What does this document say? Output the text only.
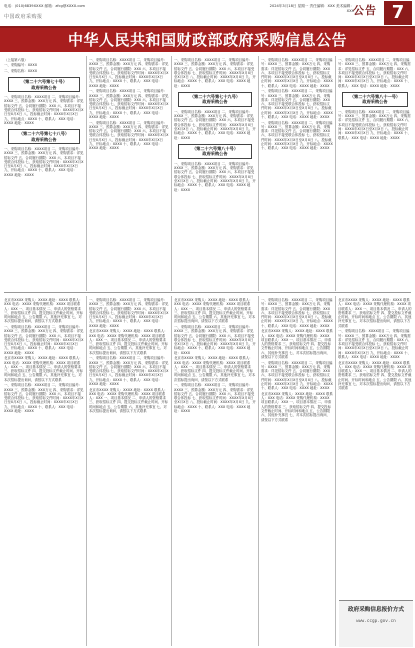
电话：(010)6839XXXX 邮箱：zfcg@XXXX.com
中国政府采购报
2024年3月18日 星期一 责任编辑：XXX 美术编辑：XXX 公告 7
中华人民共和国财政部政府采购信息公告

（上接第六版）

一、采购编号：XXXX

二、采购名称：XXXX

（第二十六号第七十号）
政府采购公告

一、采购项目名称：XXXX项目 二、采购项目编号：XXXX 三、预算金额：XXX万元 四、采购需求：详见招标文件 五、合同履行期限：XXX 六、本项目不接受联合体投标 七、获取招标文件时间：XXXX年X月X日至X月X日 八、投标截止时间：XXXX年X月X日 九、开标地点：XXXX 十、联系人：XXX 电话：XXXX 地址：XXXX

（第二十六号第七十八号）
政府采购公告

一、采购项目名称：XXXX项目 二、采购项目编号：XXXX 三、预算金额：XXX万元 四、采购需求：详见招标文件 五、合同履行期限：XXX 六、本项目不接受联合体投标 七、获取招标文件时间：XXXX年X月X日至X月X日 八、投标截止时间：XXXX年X月X日 九、开标地点：XXXX 十、联系人：XXX 电话：XXXX 地址：XXXX

一、采购项目名称：XXXX项目 二、采购项目编号：XXXX 三、预算金额：XXX万元 四、采购需求：详见招标文件 五、合同履行期限：XXX 六、本项目不接受联合体投标 七、获取招标文件时间：XXXX年X月X日至X月X日 八、投标截止时间：XXXX年X月X日 九、开标地点：XXXX 十、联系人：XXX 电话：XXXX 地址：XXXX

一、采购项目名称：XXXX项目 二、采购项目编号：XXXX 三、预算金额：XXX万元 四、采购需求：详见招标文件 五、合同履行期限：XXX 六、本项目不接受联合体投标 七、获取招标文件时间：XXXX年X月X日至X月X日 八、投标截止时间：XXXX年X月X日 九、开标地点：XXXX 十、联系人：XXX 电话：XXXX 地址：XXXX

一、采购项目名称：XXXX项目 二、采购项目编号：XXXX 三、预算金额：XXX万元 四、采购需求：详见招标文件 五、合同履行期限：XXX 六、本项目不接受联合体投标 七、获取招标文件时间：XXXX年X月X日至X月X日 八、投标截止时间：XXXX年X月X日 九、开标地点：XXXX 十、联系人：XXX 电话：XXXX 地址：XXXX

一、采购项目名称：XXXX项目 二、采购项目编号：XXXX 三、预算金额：XXX万元 四、采购需求：详见招标文件 五、合同履行期限：XXX 六、本项目不接受联合体投标 七、获取招标文件时间：XXXX年X月X日至X月X日 八、投标截止时间：XXXX年X月X日 九、开标地点：XXXX 十、联系人：XXX 电话：XXXX 地址：XXXX

（第二十六号第七十九号）
政府采购公告

一、采购项目名称：XXXX项目 二、采购项目编号：XXXX 三、预算金额：XXX万元 四、采购需求：详见招标文件 五、合同履行期限：XXX 六、本项目不接受联合体投标 七、获取招标文件时间：XXXX年X月X日至X月X日 八、投标截止时间：XXXX年X月X日 九、开标地点：XXXX 十、联系人：XXX 电话：XXXX 地址：XXXX

（第二十六号第八十号）
政府采购公告

一、采购项目名称：XXXX项目 二、采购项目编号：XXXX 三、预算金额：XXX万元 四、采购需求：详见招标文件 五、合同履行期限：XXX 六、本项目不接受联合体投标 七、获取招标文件时间：XXXX年X月X日至X月X日 八、投标截止时间：XXXX年X月X日 九、开标地点：XXXX 十、联系人：XXX 电话：XXXX 地址：XXXX

一、采购项目名称：XXXX项目 二、采购项目编号：XXXX 三、预算金额：XXX万元 四、采购需求：详见招标文件 五、合同履行期限：XXX 六、本项目不接受联合体投标 七、获取招标文件时间：XXXX年X月X日至X月X日 八、投标截止时间：XXXX年X月X日 九、开标地点：XXXX 十、联系人：XXX 电话：XXXX 地址：XXXX

一、采购项目名称：XXXX项目 二、采购项目编号：XXXX 三、预算金额：XXX万元 四、采购需求：详见招标文件 五、合同履行期限：XXX 六、本项目不接受联合体投标 七、获取招标文件时间：XXXX年X月X日至X月X日 八、投标截止时间：XXXX年X月X日 九、开标地点：XXXX 十、联系人：XXX 电话：XXXX 地址：XXXX

一、采购项目名称：XXXX项目 二、采购项目编号：XXXX 三、预算金额：XXX万元 四、采购需求：详见招标文件 五、合同履行期限：XXX 六、本项目不接受联合体投标 七、获取招标文件时间：XXXX年X月X日至X月X日 八、投标截止时间：XXXX年X月X日 九、开标地点：XXXX 十、联系人：XXX 电话：XXXX 地址：XXXX

一、采购项目名称：XXXX项目 二、采购项目编号：XXXX 三、预算金额：XXX万元 四、采购需求：详见招标文件 五、合同履行期限：XXX 六、本项目不接受联合体投标 七、获取招标文件时间：XXXX年X月X日至X月X日 八、投标截止时间：XXXX年X月X日 九、开标地点：XXXX 十、联系人：XXX 电话：XXXX 地址：XXXX

（第二十六号第八十一号）
政府采购公告

一、采购项目名称：XXXX项目 二、采购项目编号：XXXX 三、预算金额：XXX万元 四、采购需求：详见招标文件 五、合同履行期限：XXX 六、本项目不接受联合体投标 七、获取招标文件时间：XXXX年X月X日至X月X日 八、投标截止时间：XXXX年X月X日 九、开标地点：XXXX 十、联系人：XXX 电话：XXXX 地址：XXXX

北京市XXXX 采购人：XXXX 地址：XXXX 联系人：XXX 电话：XXXX 采购代理机构：XXXX 项目联系人：XXX 一、项目基本情况 二、申请人的资格要求 三、获取招标文件 四、提交投标文件截止时间、开标时间和地点 五、公告期限 六、其他补充事宜 七、对本次招标提出询问，请按以下方式联系

一、采购项目名称：XXXX项目 二、采购项目编号：XXXX 三、预算金额：XXX万元 四、采购需求：详见招标文件 五、合同履行期限：XXX 六、本项目不接受联合体投标 七、获取招标文件时间：XXXX年X月X日至X月X日 八、投标截止时间：XXXX年X月X日 九、开标地点：XXXX 十、联系人：XXX 电话：XXXX 地址：XXXX

北京市XXXX 采购人：XXXX 地址：XXXX 联系人：XXX 电话：XXXX 采购代理机构：XXXX 项目联系人：XXX 一、项目基本情况 二、申请人的资格要求 三、获取招标文件 四、提交投标文件截止时间、开标时间和地点 五、公告期限 六、其他补充事宜 七、对本次招标提出询问，请按以下方式联系

一、采购项目名称：XXXX项目 二、采购项目编号：XXXX 三、预算金额：XXX万元 四、采购需求：详见招标文件 五、合同履行期限：XXX 六、本项目不接受联合体投标 七、获取招标文件时间：XXXX年X月X日至X月X日 八、投标截止时间：XXXX年X月X日 九、开标地点：XXXX 十、联系人：XXX 电话：XXXX 地址：XXXX

一、采购项目名称：XXXX项目 二、采购项目编号：XXXX 三、预算金额：XXX万元 四、采购需求：详见招标文件 五、合同履行期限：XXX 六、本项目不接受联合体投标 七、获取招标文件时间：XXXX年X月X日至X月X日 八、投标截止时间：XXXX年X月X日 九、开标地点：XXXX 十、联系人：XXX 电话：XXXX 地址：XXXX

北京市XXXX 采购人：XXXX 地址：XXXX 联系人：XXX 电话：XXXX 采购代理机构：XXXX 项目联系人：XXX 一、项目基本情况 二、申请人的资格要求 三、获取招标文件 四、提交投标文件截止时间、开标时间和地点 五、公告期限 六、其他补充事宜 七、对本次招标提出询问，请按以下方式联系

一、采购项目名称：XXXX项目 二、采购项目编号：XXXX 三、预算金额：XXX万元 四、采购需求：详见招标文件 五、合同履行期限：XXX 六、本项目不接受联合体投标 七、获取招标文件时间：XXXX年X月X日至X月X日 八、投标截止时间：XXXX年X月X日 九、开标地点：XXXX 十、联系人：XXX 电话：XXXX 地址：XXXX

北京市XXXX 采购人：XXXX 地址：XXXX 联系人：XXX 电话：XXXX 采购代理机构：XXXX 项目联系人：XXX 一、项目基本情况 二、申请人的资格要求 三、获取招标文件 四、提交投标文件截止时间、开标时间和地点 五、公告期限 六、其他补充事宜 七、对本次招标提出询问，请按以下方式联系

北京市XXXX 采购人：XXXX 地址：XXXX 联系人：XXX 电话：XXXX 采购代理机构：XXXX 项目联系人：XXX 一、项目基本情况 二、申请人的资格要求 三、获取招标文件 四、提交投标文件截止时间、开标时间和地点 五、公告期限 六、其他补充事宜 七、对本次招标提出询问，请按以下方式联系

一、采购项目名称：XXXX项目 二、采购项目编号：XXXX 三、预算金额：XXX万元 四、采购需求：详见招标文件 五、合同履行期限：XXX 六、本项目不接受联合体投标 七、获取招标文件时间：XXXX年X月X日至X月X日 八、投标截止时间：XXXX年X月X日 九、开标地点：XXXX 十、联系人：XXX 电话：XXXX 地址：XXXX

北京市XXXX 采购人：XXXX 地址：XXXX 联系人：XXX 电话：XXXX 采购代理机构：XXXX 项目联系人：XXX 一、项目基本情况 二、申请人的资格要求 三、获取招标文件 四、提交投标文件截止时间、开标时间和地点 五、公告期限 六、其他补充事宜 七、对本次招标提出询问，请按以下方式联系

一、采购项目名称：XXXX项目 二、采购项目编号：XXXX 三、预算金额：XXX万元 四、采购需求：详见招标文件 五、合同履行期限：XXX 六、本项目不接受联合体投标 七、获取招标文件时间：XXXX年X月X日至X月X日 八、投标截止时间：XXXX年X月X日 九、开标地点：XXXX 十、联系人：XXX 电话：XXXX 地址：XXXX

一、采购项目名称：XXXX项目 二、采购项目编号：XXXX 三、预算金额：XXX万元 四、采购需求：详见招标文件 五、合同履行期限：XXX 六、本项目不接受联合体投标 七、获取招标文件时间：XXXX年X月X日至X月X日 八、投标截止时间：XXXX年X月X日 九、开标地点：XXXX 十、联系人：XXX 电话：XXXX 地址：XXXX

北京市XXXX 采购人：XXXX 地址：XXXX 联系人：XXX 电话：XXXX 采购代理机构：XXXX 项目联系人：XXX 一、项目基本情况 二、申请人的资格要求 三、获取招标文件 四、提交投标文件截止时间、开标时间和地点 五、公告期限 六、其他补充事宜 七、对本次招标提出询问，请按以下方式联系

一、采购项目名称：XXXX项目 二、采购项目编号：XXXX 三、预算金额：XXX万元 四、采购需求：详见招标文件 五、合同履行期限：XXX 六、本项目不接受联合体投标 七、获取招标文件时间：XXXX年X月X日至X月X日 八、投标截止时间：XXXX年X月X日 九、开标地点：XXXX 十、联系人：XXX 电话：XXXX 地址：XXXX

北京市XXXX 采购人：XXXX 地址：XXXX 联系人：XXX 电话：XXXX 采购代理机构：XXXX 项目联系人：XXX 一、项目基本情况 二、申请人的资格要求 三、获取招标文件 四、提交投标文件截止时间、开标时间和地点 五、公告期限 六、其他补充事宜 七、对本次招标提出询问，请按以下方式联系

北京市XXXX 采购人：XXXX 地址：XXXX 联系人：XXX 电话：XXXX 采购代理机构：XXXX 项目联系人：XXX 一、项目基本情况 二、申请人的资格要求 三、获取招标文件 四、提交投标文件截止时间、开标时间和地点 五、公告期限 六、其他补充事宜 七、对本次招标提出询问，请按以下方式联系

一、采购项目名称：XXXX项目 二、采购项目编号：XXXX 三、预算金额：XXX万元 四、采购需求：详见招标文件 五、合同履行期限：XXX 六、本项目不接受联合体投标 七、获取招标文件时间：XXXX年X月X日至X月X日 八、投标截止时间：XXXX年X月X日 九、开标地点：XXXX 十、联系人：XXX 电话：XXXX 地址：XXXX

北京市XXXX 采购人：XXXX 地址：XXXX 联系人：XXX 电话：XXXX 采购代理机构：XXXX 项目联系人：XXX 一、项目基本情况 二、申请人的资格要求 三、获取招标文件 四、提交投标文件截止时间、开标时间和地点 五、公告期限 六、其他补充事宜 七、对本次招标提出询问，请按以下方式联系

政府采购信息报价方式
www.ccgp.gov.cn
